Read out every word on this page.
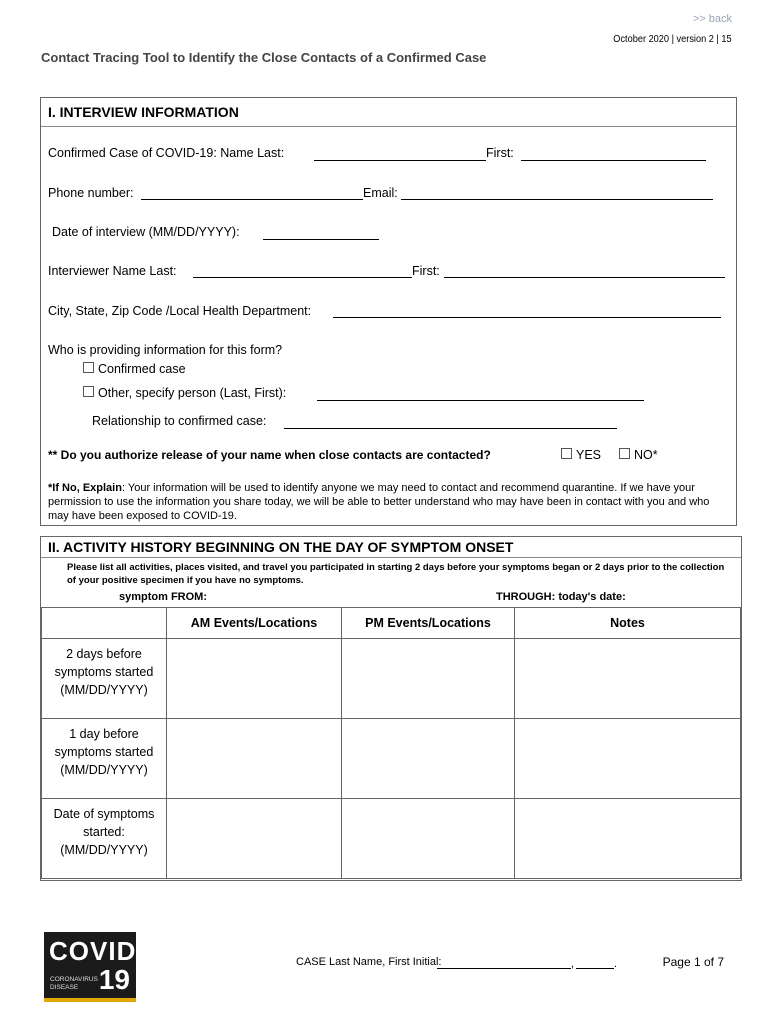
>> back
October 2020 | version 2 | 15
Contact Tracing Tool to Identify the Close Contacts of a Confirmed Case
I. INTERVIEW INFORMATION
Confirmed Case of COVID-19: Name Last:	First:
Phone number:	Email:
Date of interview (MM/DD/YYYY):
Interviewer Name Last:	First:
City, State, Zip Code /Local Health Department:
Who is providing information for this form?
Confirmed case
Other, specify person (Last, First):
Relationship to confirmed case:
** Do you authorize release of your name when close contacts are contacted?	YES	NO*
*If No, Explain: Your information will be used to identify anyone we may need to contact and recommend quarantine. If we have your permission to use the information you share today, we will be able to better understand who may have been in contact with you and who may have been exposed to COVID-19.
II. ACTIVITY HISTORY BEGINNING ON THE DAY OF SYMPTOM ONSET
Please list all activities, places visited, and travel you participated in starting 2 days before your symptoms began or 2 days prior to the collection of your positive specimen if you have no symptoms.
symptom FROM:	THROUGH: today's date:
	AM Events/Locations	PM Events/Locations	Notes

2 days before
symptoms started
(MM/DD/YYYY)			

1 day before
symptoms started
(MM/DD/YYYY)			

Date of symptoms
started:
(MM/DD/YYYY)			

COVID
CORONAVIRUS
DISEASE 19
CASE Last Name, First Initial:	,	.	Page 1 of 7
